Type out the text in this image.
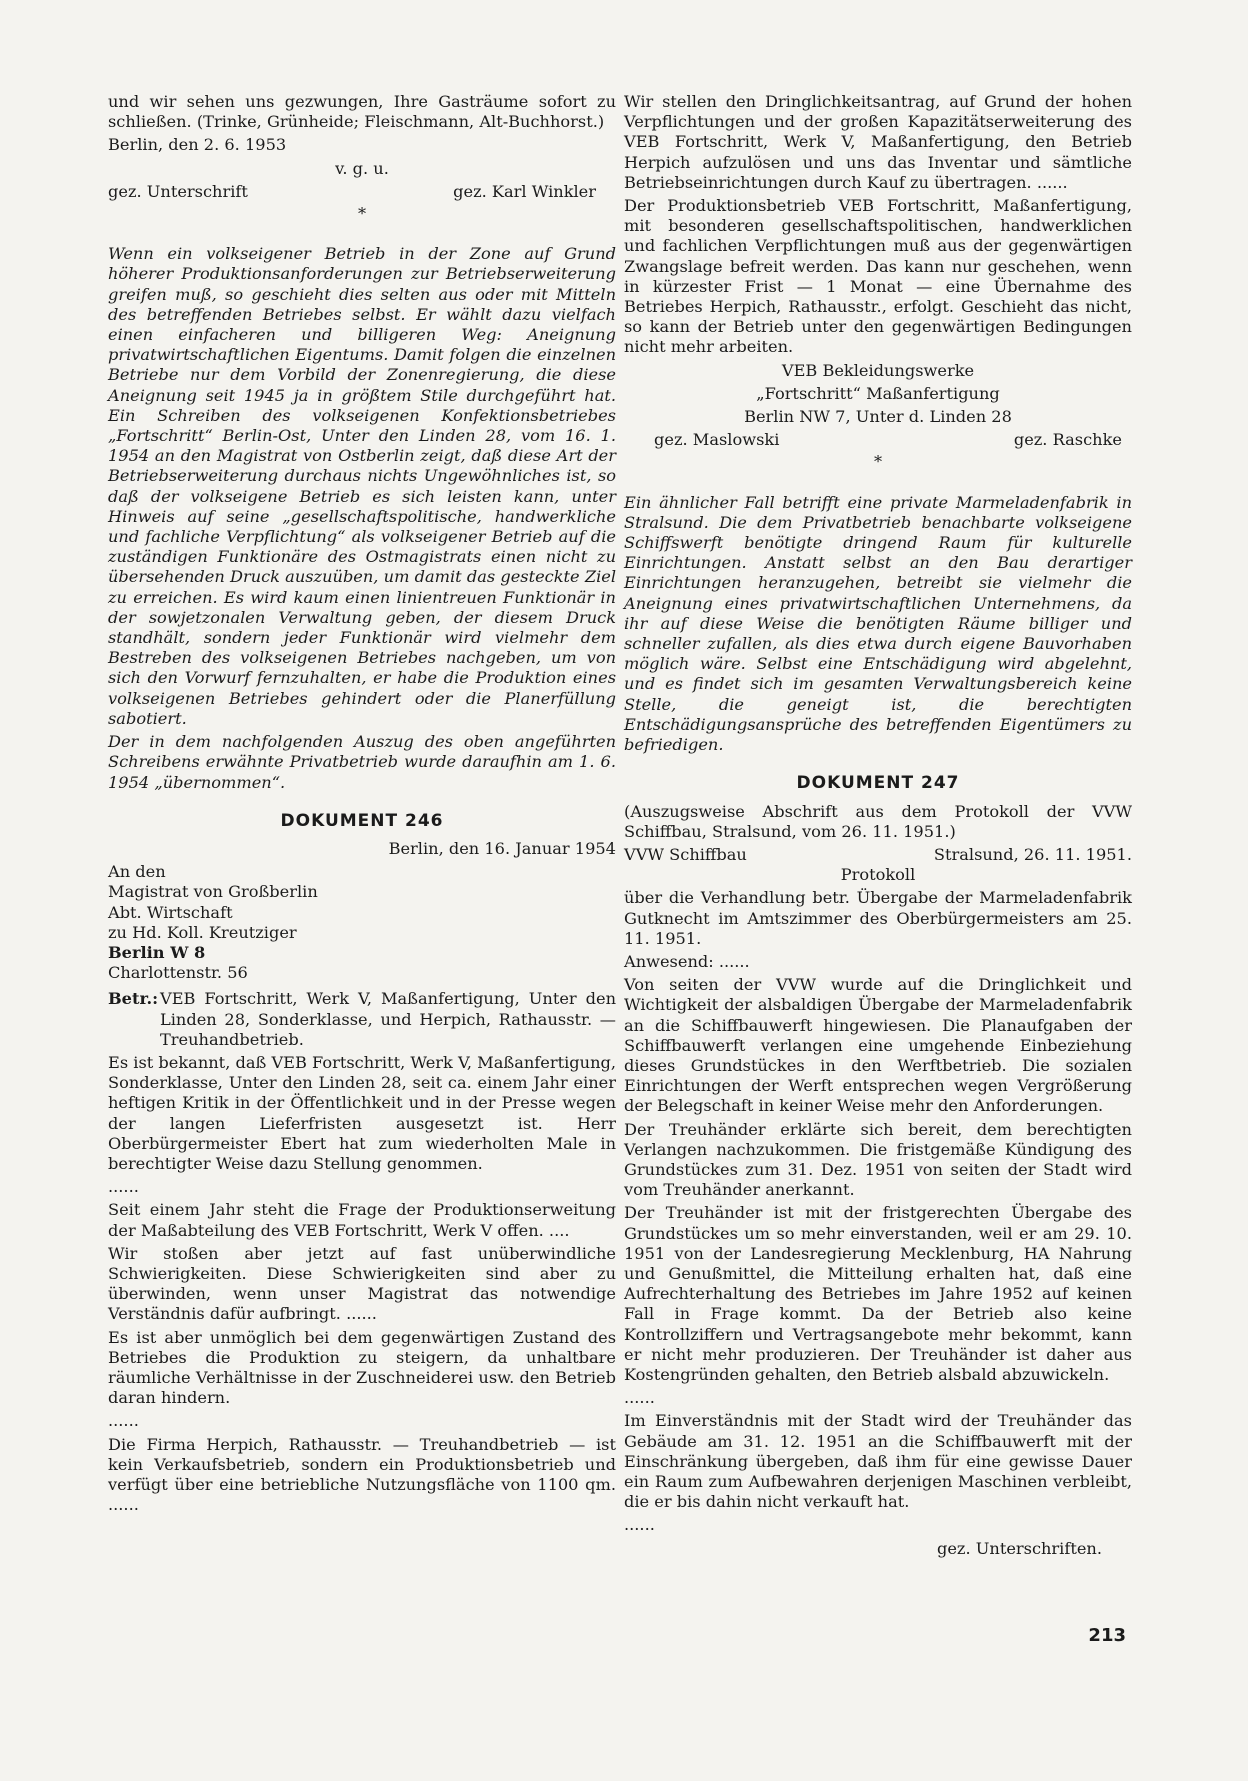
und wir sehen uns gezwungen, Ihre Gasträume sofort zu schließen. (Trinke, Grünheide; Fleischmann, Alt-Buchhorst.)

Berlin, den 2. 6. 1953

v. g. u.

gez. Unterschrift	gez. Karl Winkler
*

Wenn ein volkseigener Betrieb in der Zone auf Grund höherer Produktionsanforderungen zur Betriebserweiterung greifen muß, so geschieht dies selten aus oder mit Mitteln des betreffenden Betriebes selbst. Er wählt dazu vielfach einen einfacheren und billigeren Weg: Aneignung privatwirtschaftlichen Eigentums. Damit folgen die einzelnen Betriebe nur dem Vorbild der Zonenregierung, die diese Aneignung seit 1945 ja in größtem Stile durchgeführt hat. Ein Schreiben des volkseigenen Konfektionsbetriebes „Fortschritt“ Berlin-Ost, Unter den Linden 28, vom 16. 1. 1954 an den Magistrat von Ostberlin zeigt, daß diese Art der Betriebserweiterung durchaus nichts Ungewöhnliches ist, so daß der volkseigene Betrieb es sich leisten kann, unter Hinweis auf seine „gesellschaftspolitische, handwerkliche und fachliche Verpflichtung“ als volkseigener Betrieb auf die zuständigen Funktionäre des Ostmagistrats einen nicht zu übersehenden Druck auszuüben, um damit das gesteckte Ziel zu erreichen. Es wird kaum einen linientreuen Funktionär in der sowjetzonalen Verwaltung geben, der diesem Druck standhält, sondern jeder Funktionär wird vielmehr dem Bestreben des volkseigenen Betriebes nachgeben, um von sich den Vorwurf fernzuhalten, er habe die Produktion eines volkseigenen Betriebes gehindert oder die Planerfüllung sabotiert.

Der in dem nachfolgenden Auszug des oben angeführten Schreibens erwähnte Privatbetrieb wurde daraufhin am 1. 6. 1954 „übernommen“.

DOKUMENT 246

Berlin, den 16. Januar 1954

An den

Magistrat von Großberlin

Abt. Wirtschaft

zu Hd. Koll. Kreutziger

Berlin W 8

Charlottenstr. 56

Betr.: VEB Fortschritt, Werk V, Maßanfertigung, Unter den Linden 28, Sonderklasse, und Herpich, Rathausstr. — Treuhandbetrieb.

Es ist bekannt, daß VEB Fortschritt, Werk V, Maßanfertigung, Sonderklasse, Unter den Linden 28, seit ca. einem Jahr einer heftigen Kritik in der Öffentlichkeit und in der Presse wegen der langen Lieferfristen ausgesetzt ist. Herr Oberbürgermeister Ebert hat zum wiederholten Male in berechtigter Weise dazu Stellung genommen.

......

Seit einem Jahr steht die Frage der Produktionserweitung der Maßabteilung des VEB Fortschritt, Werk V offen. ....

Wir stoßen aber jetzt auf fast unüberwindliche Schwierigkeiten. Diese Schwierigkeiten sind aber zu überwinden, wenn unser Magistrat das notwendige Verständnis dafür aufbringt. ......

Es ist aber unmöglich bei dem gegenwärtigen Zustand des Betriebes die Produktion zu steigern, da unhaltbare räumliche Verhältnisse in der Zuschneiderei usw. den Betrieb daran hindern.

......

Die Firma Herpich, Rathausstr. — Treuhandbetrieb — ist kein Verkaufsbetrieb, sondern ein Produktionsbetrieb und verfügt über eine betriebliche Nutzungsfläche von 1100 qm. ......

Wir stellen den Dringlichkeitsantrag, auf Grund der hohen Verpflichtungen und der großen Kapazitätserweiterung des VEB Fortschritt, Werk V, Maßanfertigung, den Betrieb Herpich aufzulösen und uns das Inventar und sämtliche Betriebseinrichtungen durch Kauf zu übertragen. ......

Der Produktionsbetrieb VEB Fortschritt, Maßanfertigung, mit besonderen gesellschaftspolitischen, handwerklichen und fachlichen Verpflichtungen muß aus der gegenwärtigen Zwangslage befreit werden. Das kann nur geschehen, wenn in kürzester Frist — 1 Monat — eine Übernahme des Betriebes Herpich, Rathausstr., erfolgt. Geschieht das nicht, so kann der Betrieb unter den gegenwärtigen Bedingungen nicht mehr arbeiten.

VEB Bekleidungswerke

„Fortschritt“ Maßanfertigung

Berlin NW 7, Unter d. Linden 28

gez. Maslowski	gez. Raschke
*

Ein ähnlicher Fall betrifft eine private Marmeladenfabrik in Stralsund. Die dem Privatbetrieb benachbarte volkseigene Schiffswerft benötigte dringend Raum für kulturelle Einrichtungen. Anstatt selbst an den Bau derartiger Einrichtungen heranzugehen, betreibt sie vielmehr die Aneignung eines privatwirtschaftlichen Unternehmens, da ihr auf diese Weise die benötigten Räume billiger und schneller zufallen, als dies etwa durch eigene Bauvorhaben möglich wäre. Selbst eine Entschädigung wird abgelehnt, und es findet sich im gesamten Verwaltungsbereich keine Stelle, die geneigt ist, die berechtigten Entschädigungsansprüche des betreffenden Eigentümers zu befriedigen.

DOKUMENT 247

(Auszugsweise Abschrift aus dem Protokoll der VVW Schiffbau, Stralsund, vom 26. 11. 1951.)

VVW Schiffbau	Stralsund, 26. 11. 1951.

Protokoll

über die Verhandlung betr. Übergabe der Marmeladenfabrik Gutknecht im Amtszimmer des Oberbürgermeisters am 25. 11. 1951.

Anwesend: ......

Von seiten der VVW wurde auf die Dringlichkeit und Wichtigkeit der alsbaldigen Übergabe der Marmeladenfabrik an die Schiffbauwerft hingewiesen. Die Planaufgaben der Schiffbauwerft verlangen eine umgehende Einbeziehung dieses Grundstückes in den Werftbetrieb. Die sozialen Einrichtungen der Werft entsprechen wegen Vergrößerung der Belegschaft in keiner Weise mehr den Anforderungen.

Der Treuhänder erklärte sich bereit, dem berechtigten Verlangen nachzukommen. Die fristgemäße Kündigung des Grundstückes zum 31. Dez. 1951 von seiten der Stadt wird vom Treuhänder anerkannt.

Der Treuhänder ist mit der fristgerechten Übergabe des Grundstückes um so mehr einverstanden, weil er am 29. 10. 1951 von der Landesregierung Mecklenburg, HA Nahrung und Genußmittel, die Mitteilung erhalten hat, daß eine Aufrechterhaltung des Betriebes im Jahre 1952 auf keinen Fall in Frage kommt. Da der Betrieb also keine Kontrollziffern und Vertragsangebote mehr bekommt, kann er nicht mehr produzieren. Der Treuhänder ist daher aus Kostengründen gehalten, den Betrieb alsbald abzuwickeln.

......

Im Einverständnis mit der Stadt wird der Treuhänder das Gebäude am 31. 12. 1951 an die Schiffbauwerft mit der Einschränkung übergeben, daß ihm für eine gewisse Dauer ein Raum zum Aufbewahren derjenigen Maschinen verbleibt, die er bis dahin nicht verkauft hat.

......

gez. Unterschriften.

213
